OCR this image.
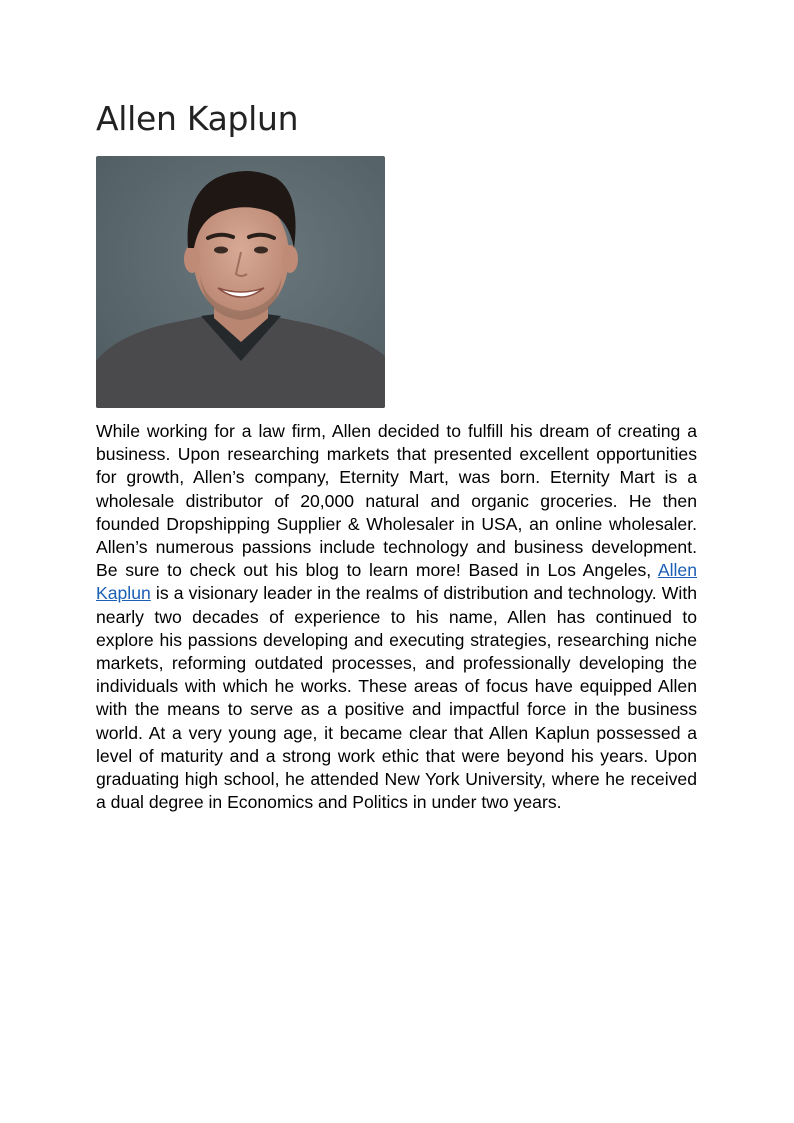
Allen Kaplun

While working for a law firm, Allen decided to fulfill his dream of creating a business. Upon researching markets that presented excellent opportunities for growth, Allen’s company, Eternity Mart, was born. Eternity Mart is a wholesale distributor of 20,000 natural and organic groceries. He then founded Dropshipping Supplier & Wholesaler in USA, an online wholesaler. Allen’s numerous passions include technology and business development. Be sure to check out his blog to learn more! Based in Los Angeles, Allen Kaplun is a visionary leader in the realms of distribution and technology. With nearly two decades of experience to his name, Allen has continued to explore his passions developing and executing strategies, researching niche markets, reforming outdated processes, and professionally developing the individuals with which he works. These areas of focus have equipped Allen with the means to serve as a positive and impactful force in the business world. At a very young age, it became clear that Allen Kaplun possessed a level of maturity and a strong work ethic that were beyond his years. Upon graduating high school, he attended New York University, where he received a dual degree in Economics and Politics in under two years.
